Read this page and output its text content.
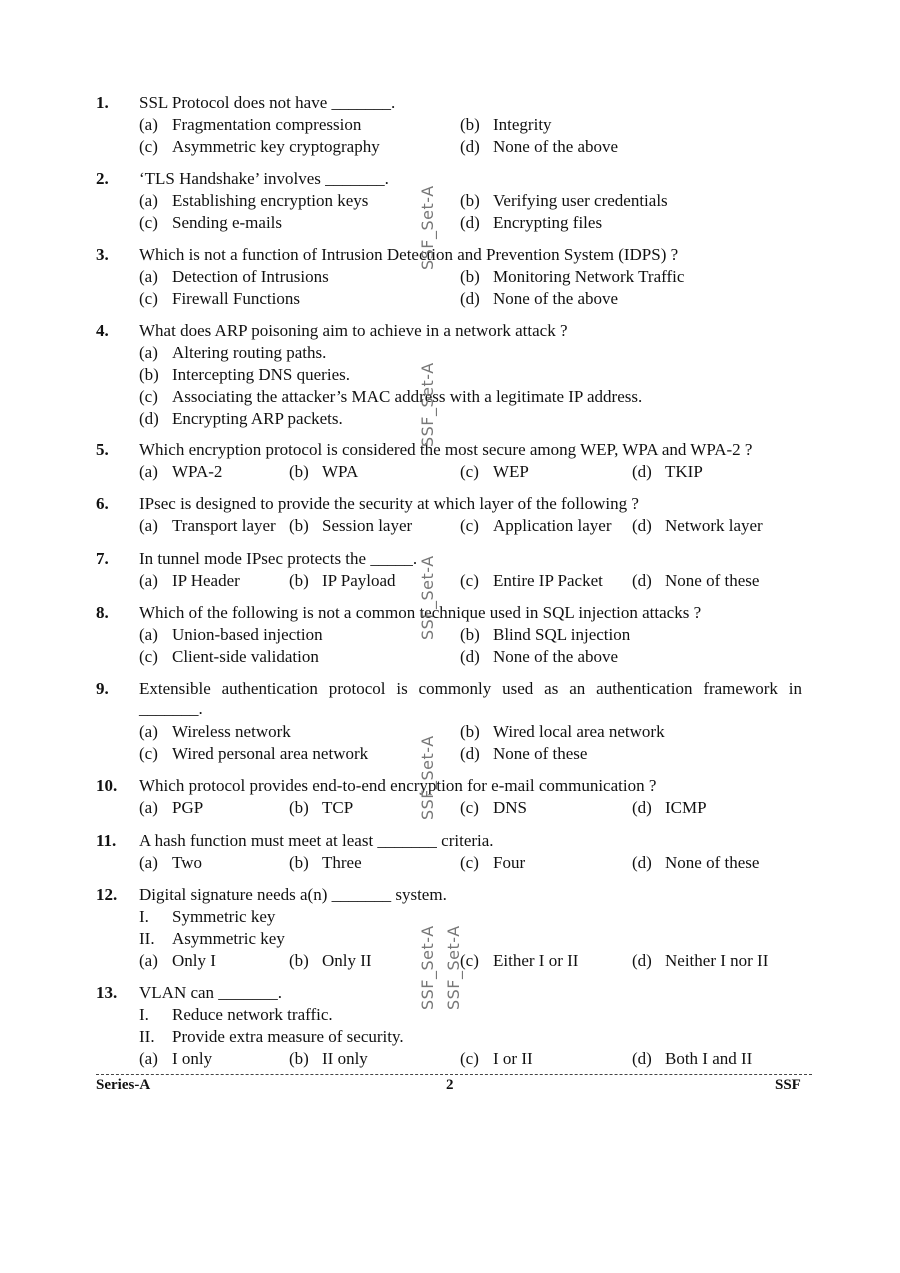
1. SSL Protocol does not have _______.
(a) Fragmentation compression	(b) Integrity
(c) Asymmetric key cryptography	(d) None of the above
2. ‘TLS Handshake’ involves _______.
(a) Establishing encryption keys	(b) Verifying user credentials
(c) Sending e-mails	(d) Encrypting files
3. Which is not a function of Intrusion Detection and Prevention System (IDPS) ?
(a) Detection of Intrusions	(b) Monitoring Network Traffic
(c) Firewall Functions	(d) None of the above
4. What does ARP poisoning aim to achieve in a network attack ?
(a) Altering routing paths.
(b) Intercepting DNS queries.
(c) Associating the attacker’s MAC address with a legitimate IP address.
(d) Encrypting ARP packets.
5. Which encryption protocol is considered the most secure among WEP, WPA and WPA-2 ?
(a) WPA-2	(b) WPA	(c) WEP	(d) TKIP
6. IPsec is designed to provide the security at which layer of the following ?
(a) Transport layer (b) Session layer	(c) Application layer (d) Network layer
7. In tunnel mode IPsec protects the _____.
(a) IP Header	(b) IP Payload	(c) Entire IP Packet (d) None of these
8. Which of the following is not a common technique used in SQL injection attacks ?
(a) Union-based injection	(b) Blind SQL injection
(c) Client-side validation	(d) None of the above
9. Extensible authentication protocol is commonly used as an authentication framework in
_______.
(a) Wireless network	(b) Wired local area network
(c) Wired personal area network	(d) None of these
10. Which protocol provides end-to-end encryption for e-mail communication ?
(a) PGP	(b) TCP	(c) DNS	(d) ICMP
11. A hash function must meet at least _______ criteria.
(a) Two	(b) Three	(c) Four	(d) None of these
12. Digital signature needs a(n) _______ system.
I. Symmetric key
II. Asymmetric key
(a) Only I	(b) Only II	(c) Either I or II	(d) Neither I nor II
13. VLAN can _______.
I. Reduce network traffic.
II. Provide extra measure of security.
(a) I only	(b) II only	(c) I or II	(d) Both I and II
SSF_Set-A
SSF_Set-A
SSF_Set-A
SSF_Set-A
SSF_Set-A SSF_Set-A
Series-A	2	SSF
